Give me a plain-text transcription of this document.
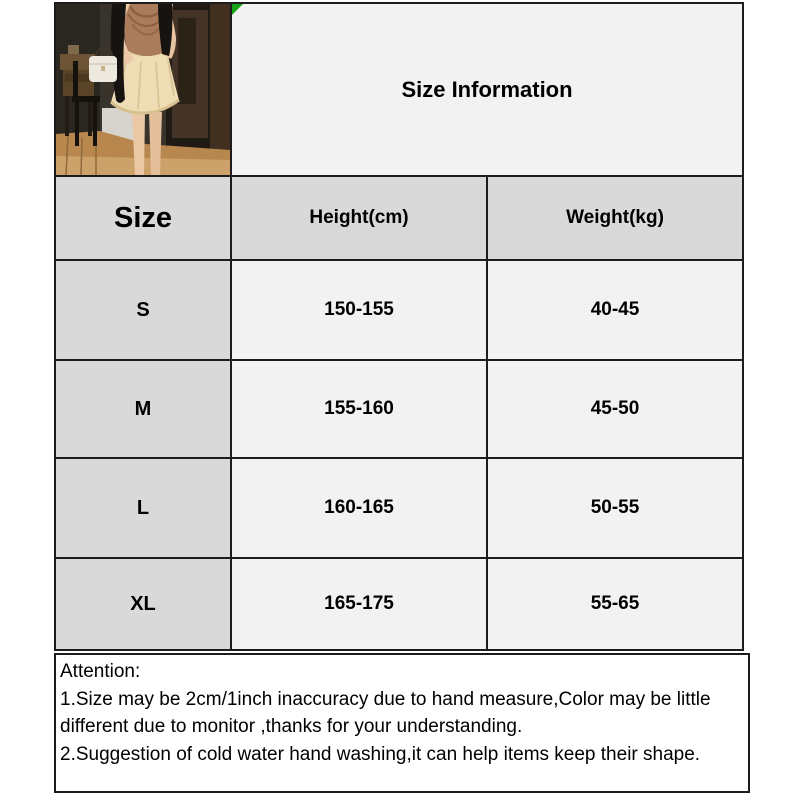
Size Information
Size	Height(cm)	Weight(kg)
S	150-155	40-45
M	155-160	45-50
L	160-165	50-55
XL	165-175	55-65
Attention:
1.Size may be 2cm/1inch inaccuracy due to hand measure,Color may be little different due to monitor ,thanks for your understanding.
2.Suggestion of cold water hand washing,it can help items keep their shape.
